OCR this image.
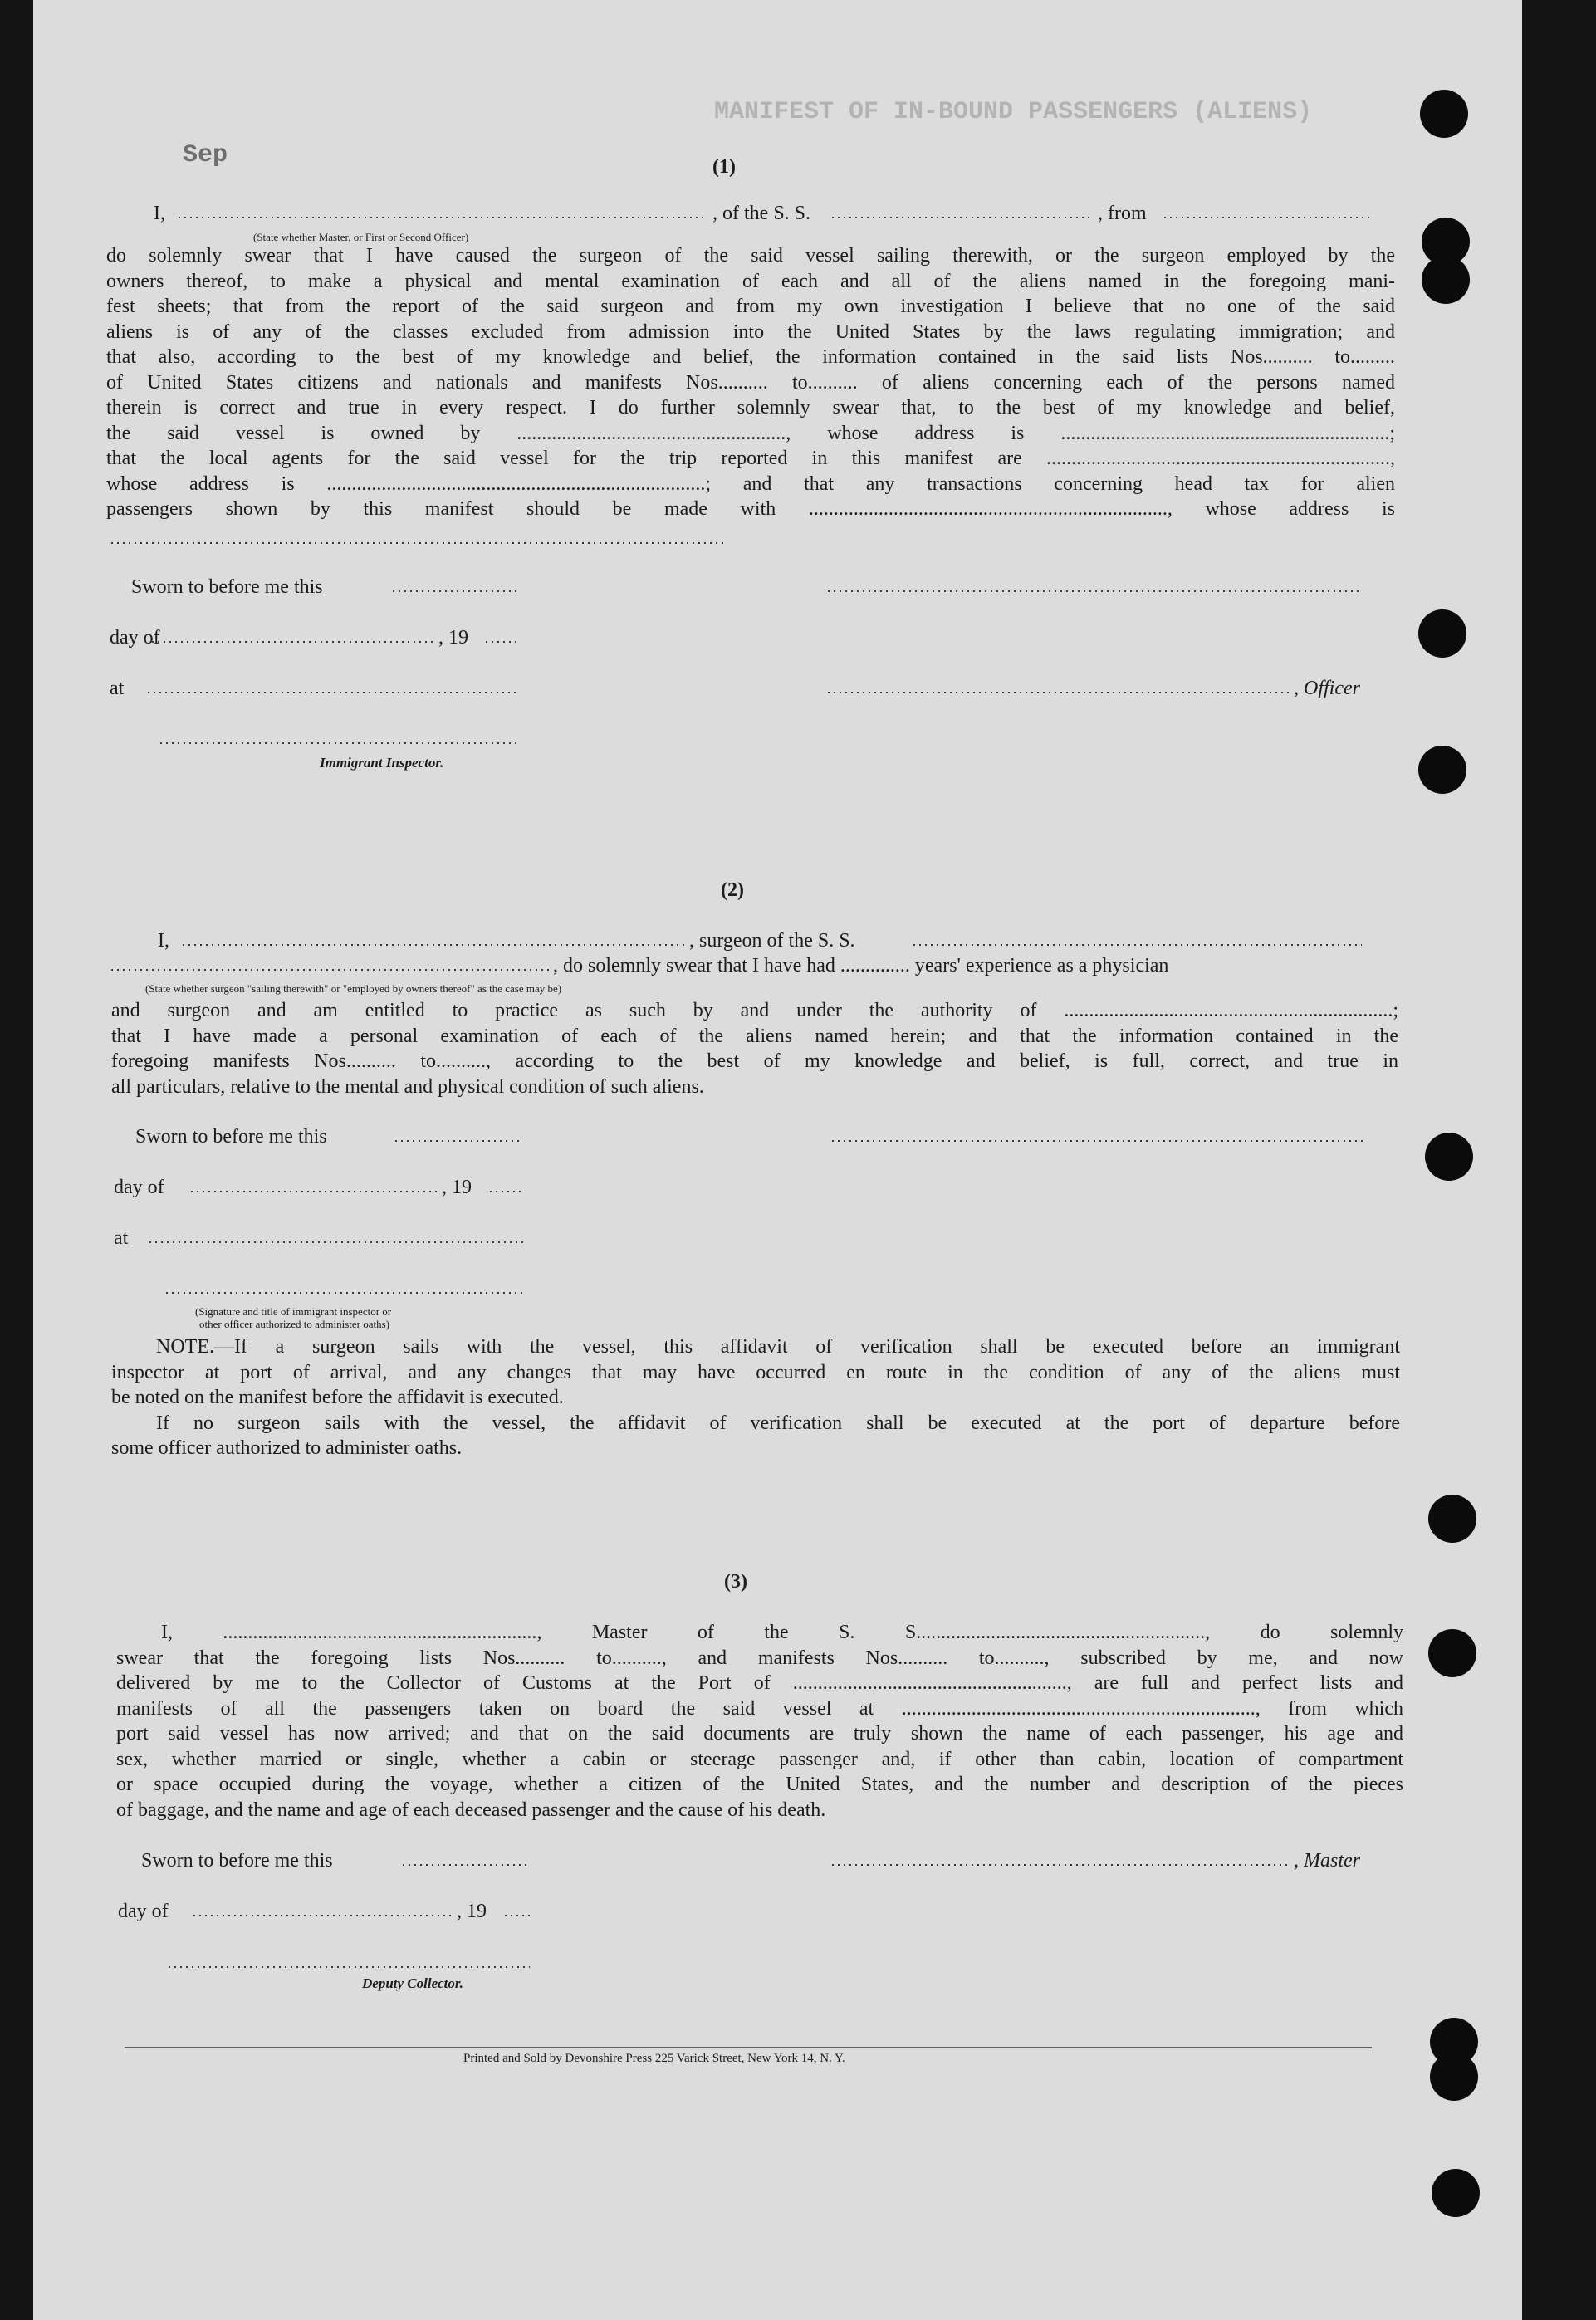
MANIFEST OF IN-BOUND PASSENGERS (ALIENS)
Sep	(1)
I,	, of the S. S.	, from
(State whether Master, or First or Second Officer)

do solemnly swear that I have caused the surgeon of the said vessel sailing therewith, or the surgeon employed by the

owners thereof, to make a physical and mental examination of each and all of the aliens named in the foregoing mani-

fest sheets; that from the report of the said surgeon and from my own investigation I believe that no one of the said

aliens is of any of the classes excluded from admission into the United States by the laws regulating immigration; and

that also, according to the best of my knowledge and belief, the information contained in the said lists Nos.......... to.........

of United States citizens and nationals and manifests Nos.......... to.......... of aliens concerning each of the persons named

therein is correct and true in every respect. I do further solemnly swear that, to the best of my knowledge and belief,

the said vessel is owned by ......................................................, whose address is ..................................................................;

that the local agents for the said vessel for the trip reported in this manifest are .....................................................................,

whose address is ............................................................................; and that any transactions concerning head tax for alien

passengers shown by this manifest should be made with ........................................................................, whose address is

Sworn to before me this
day of	, 19
at	, Officer
Immigrant Inspector.
(2)
I,	, surgeon of the S. S.
, do solemnly swear that I have had .............. years' experience as a physician
(State whether surgeon "sailing therewith" or "employed by owners thereof" as the case may be)

and surgeon and am entitled to practice as such by and under the authority of ..................................................................;

that I have made a personal examination of each of the aliens named herein; and that the information contained in the

foregoing manifests Nos.......... to.........., according to the best of my knowledge and belief, is full, correct, and true in

all particulars, relative to the mental and physical condition of such aliens.

Sworn to before me this
day of	, 19
at
(Signature and title of immigrant inspector or
other officer authorized to administer oaths)

NOTE.—If a surgeon sails with the vessel, this affidavit of verification shall be executed before an immigrant

inspector at port of arrival, and any changes that may have occurred en route in the condition of any of the aliens must

be noted on the manifest before the affidavit is executed.

If no surgeon sails with the vessel, the affidavit of verification shall be executed at the port of departure before

some officer authorized to administer oaths.

(3)

I, ..............................................................., Master of the S. S.........................................................., do solemnly

swear that the foregoing lists Nos.......... to.........., and manifests Nos.......... to.........., subscribed by me, and now

delivered by me to the Collector of Customs at the Port of ......................................................., are full and perfect lists and

manifests of all the passengers taken on board the said vessel at ......................................................................., from which

port said vessel has now arrived; and that on the said documents are truly shown the name of each passenger, his age and

sex, whether married or single, whether a cabin or steerage passenger and, if other than cabin, location of compartment

or space occupied during the voyage, whether a citizen of the United States, and the number and description of the pieces

of baggage, and the name and age of each deceased passenger and the cause of his death.

Sworn to before me this	, Master
day of	, 19
Deputy Collector.
Printed and Sold by Devonshire Press 225 Varick Street, New York 14, N. Y.
